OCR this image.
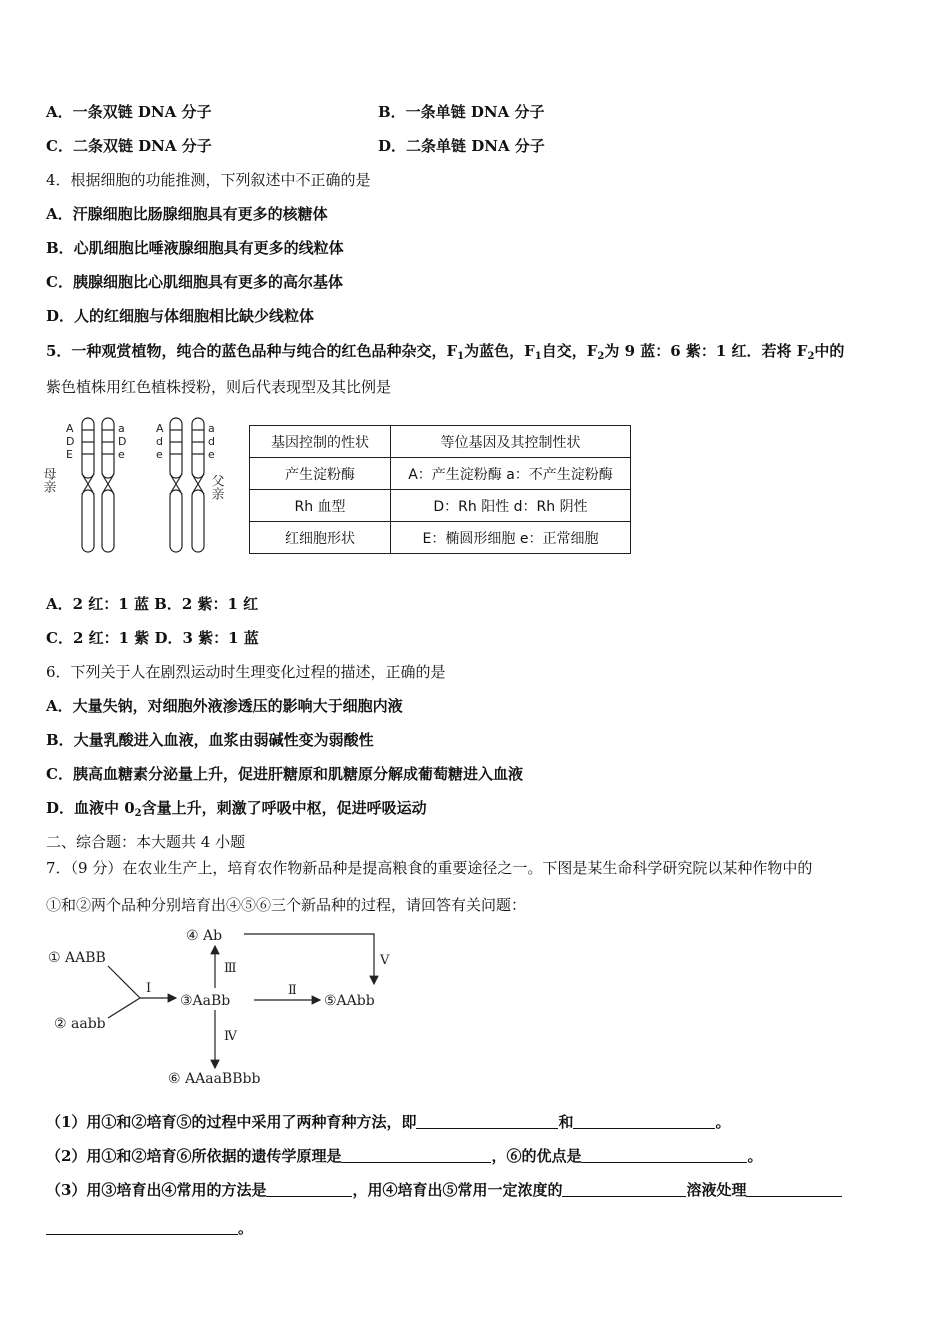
A．一条双链 DNA 分子	B．一条单链 DNA 分子
C．二条双链 DNA 分子	D．二条单链 DNA 分子
4．根据细胞的功能推测，下列叙述中不正确的是
A．汗腺细胞比肠腺细胞具有更多的核糖体
B．心肌细胞比唾液腺细胞具有更多的线粒体
C．胰腺细胞比心肌细胞具有更多的高尔基体
D．人的红细胞与体细胞相比缺少线粒体
5．一种观赏植物，纯合的蓝色品种与纯合的红色品种杂交，$F_1$为蓝色，$F_1$自交，$F_2$为 9 蓝：6 紫：1 红．若将 $F_2$中的
紫色植株用红色植株授粉，则后代表现型及其比例是
A
D
E
a
D
e
A
d
e
a
d
e
母亲	父亲
基因控制的性状	等位基因及其控制性状
产生淀粉酶	A：产生淀粉酶 a：不产生淀粉酶
Rh 血型	D：Rh 阳性 d：Rh 阴性
红细胞形状	E：椭圆形细胞 e：正常细胞
A．2 红：1 蓝 B．2 紫：1 红
C．2 红：1 紫 D．3 紫：1 蓝
6．下列关于人在剧烈运动时生理变化过程的描述，正确的是
A．大量失钠，对细胞外液渗透压的影响大于细胞内液
B．大量乳酸进入血液，血浆由弱碱性变为弱酸性
C．胰高血糖素分泌量上升，促进肝糖原和肌糖原分解成葡萄糖进入血液
D．血液中 $0_2$含量上升，刺激了呼吸中枢，促进呼吸运动
二、综合题：本大题共 4 小题
7．（9 分）在农业生产上，培育农作物新品种是提高粮食的重要途径之一。下图是某生命科学研究院以某种作物中的
①和②两个品种分别培育出④⑤⑥三个新品种的过程，请回答有关问题：
① AABB
② aabb
③AaBb
④ Ab
⑤AAbb
⑥ AAaaBBbb
I	Ⅱ
Ⅲ
Ⅳ
V
（1）用①和②培育⑤的过程中采用了两种育种方法，即	和	。
（2）用①和②培育⑥所依据的遗传学原理是	，⑥的优点是	。
（3）用③培育出④常用的方法是	，用④培育出⑤常用一定浓度的	溶液处理
。
